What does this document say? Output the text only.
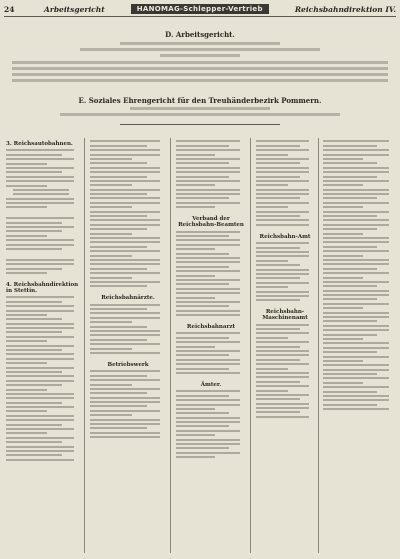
24	Arbeitsgericht	HANOMAG-Schlepper-Vertrieb	Reichsbahndirektion IV.
D. Arbeitsgericht.
E. Soziales Ehrengericht für den Treuhänderbezirk Pommern.
3. Reichsautobahnen.
4. Reichsbahndirektion in Stettin.
Reichsbahnärzte.
Betriebswerk
Verband der Reichsbahn-Beamten
Reichsbahnarzt
Ämter.
Reichsbahn-Amt
Reichsbahn-Maschinenamt
